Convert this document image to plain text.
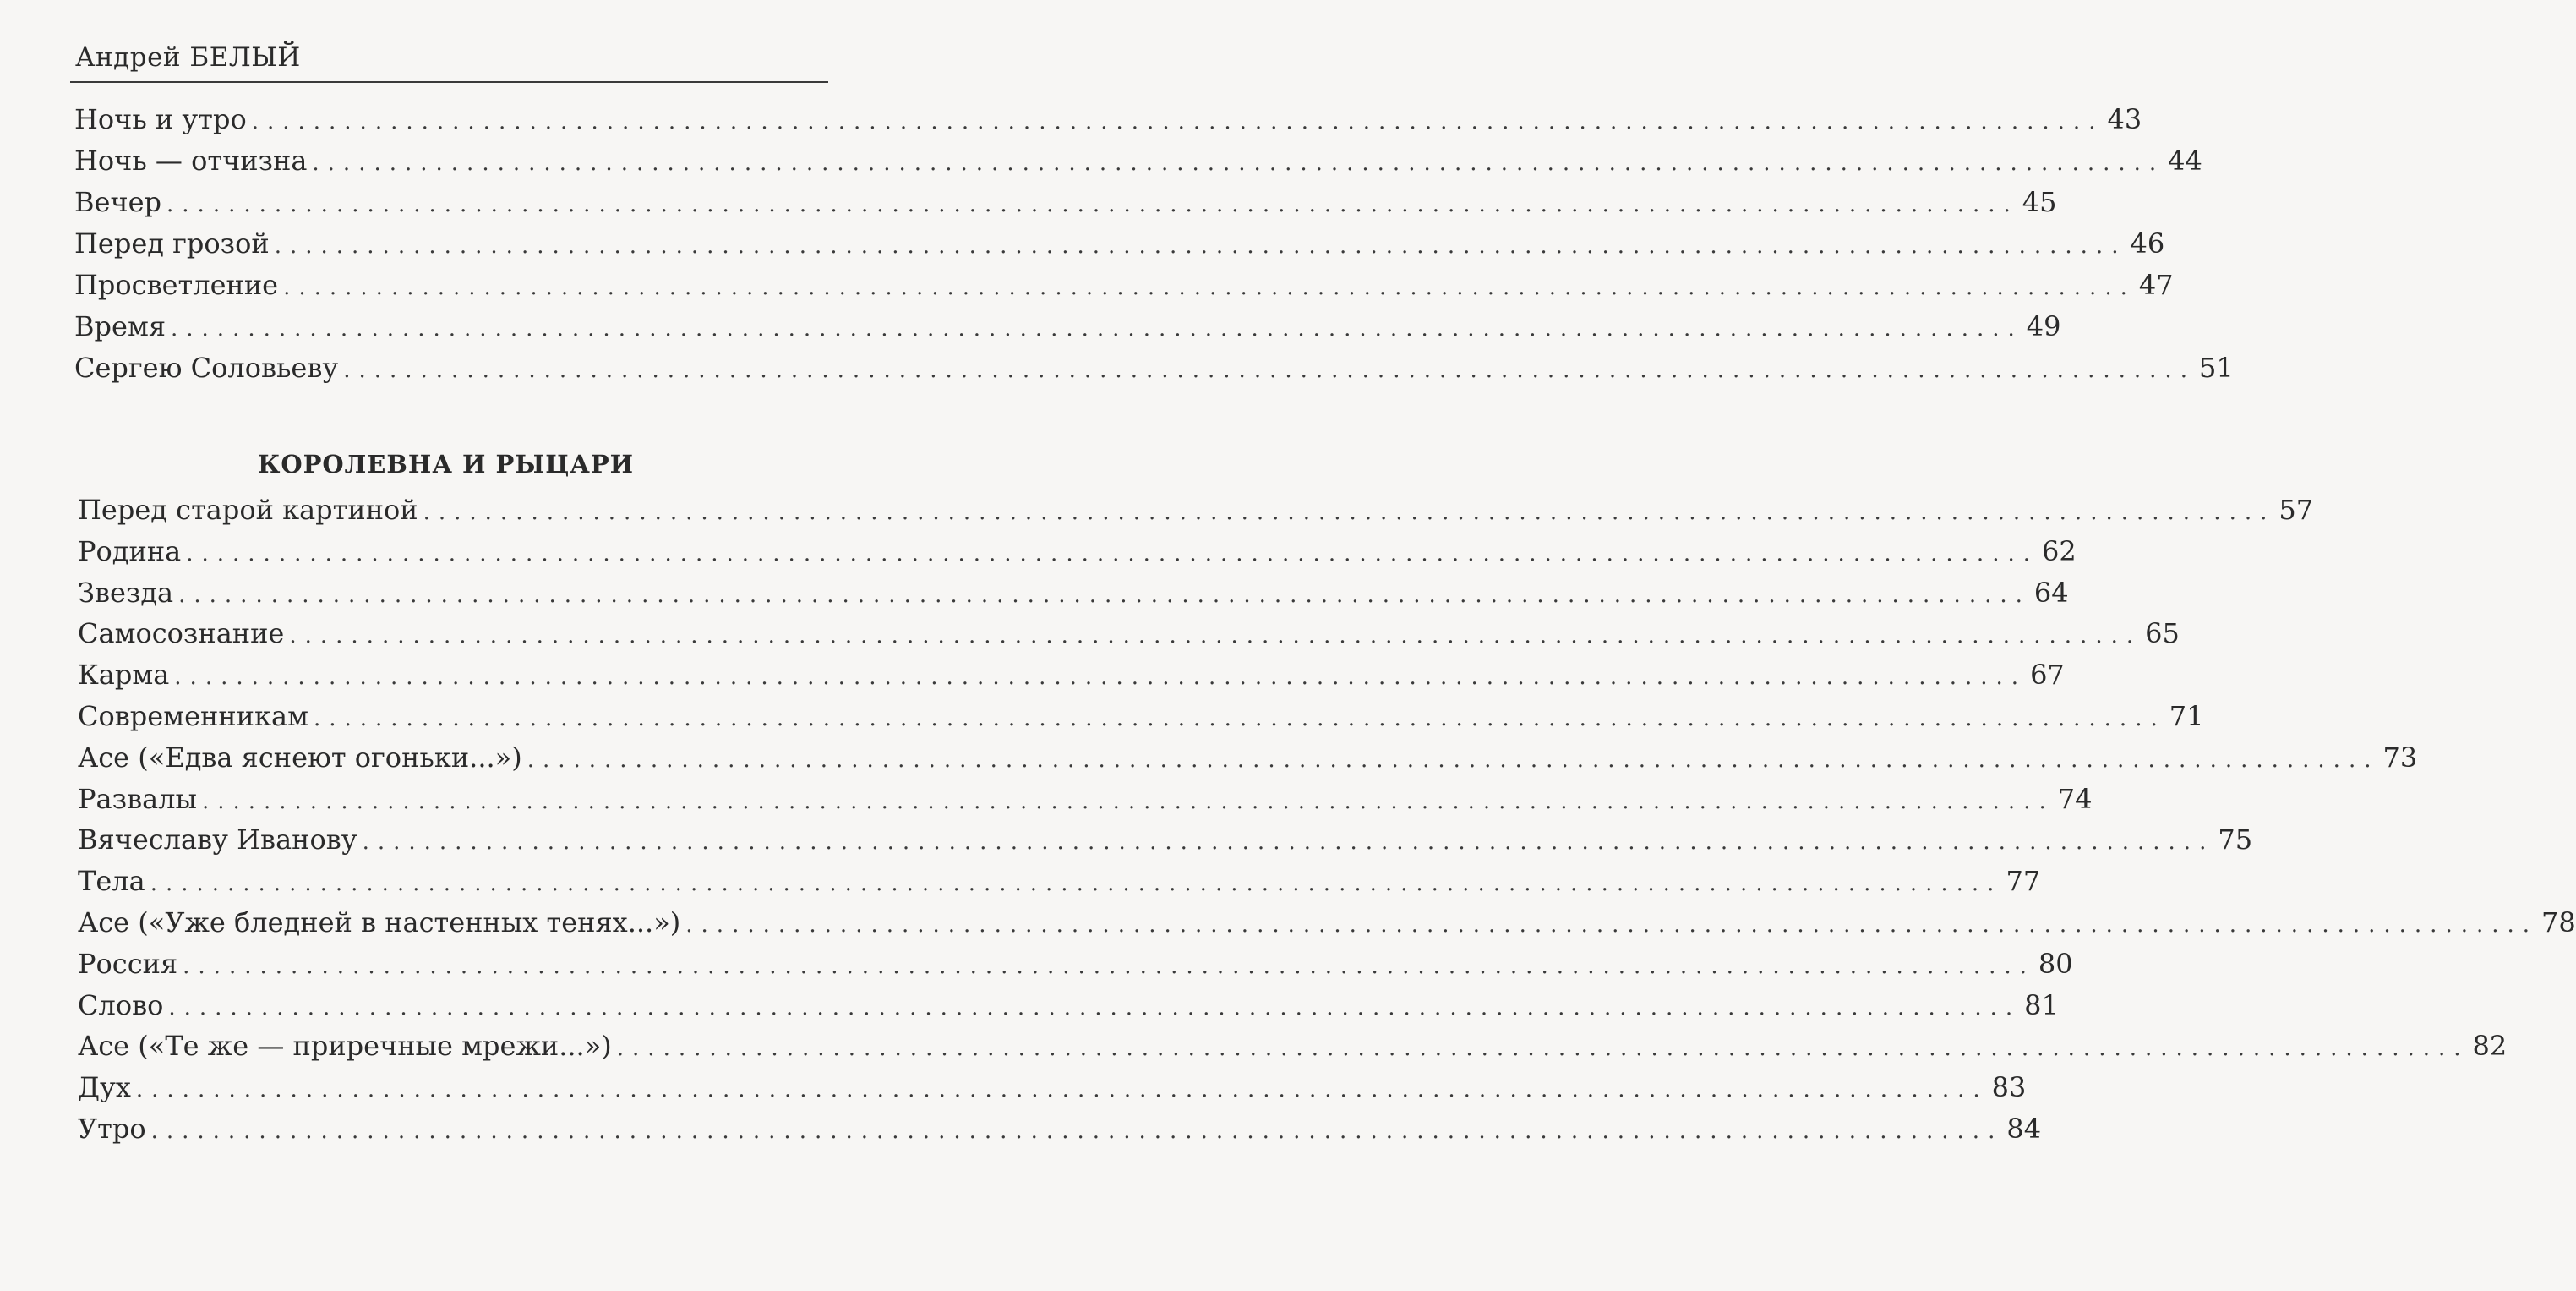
Андрей БЕЛЫЙ
Ночь и утро ........................................................................................................................ 43
Ночь — отчизна ........................................................................................................................ 44
Вечер ........................................................................................................................ 45
Перед грозой ........................................................................................................................ 46
Просветление ........................................................................................................................ 47
Время ........................................................................................................................ 49
Сергею Соловьеву ........................................................................................................................ 51
КОРОЛЕВНА И РЫЦАРИ
Перед старой картиной ........................................................................................................................ 57
Родина ........................................................................................................................ 62
Звезда ........................................................................................................................ 64
Самосознание ........................................................................................................................ 65
Карма ........................................................................................................................ 67
Современникам ........................................................................................................................ 71
Асе («Едва яснеют огоньки...») ........................................................................................................................ 73
Развалы ........................................................................................................................ 74
Вячеславу Иванову ........................................................................................................................ 75
Тела ........................................................................................................................ 77
Асе («Уже бледней в настенных тенях...») ........................................................................................................................ 78
Россия ........................................................................................................................ 80
Слово ........................................................................................................................ 81
Асе («Те же — приречные мрежи...») ........................................................................................................................ 82
Дух ........................................................................................................................ 83
Утро ........................................................................................................................ 84
